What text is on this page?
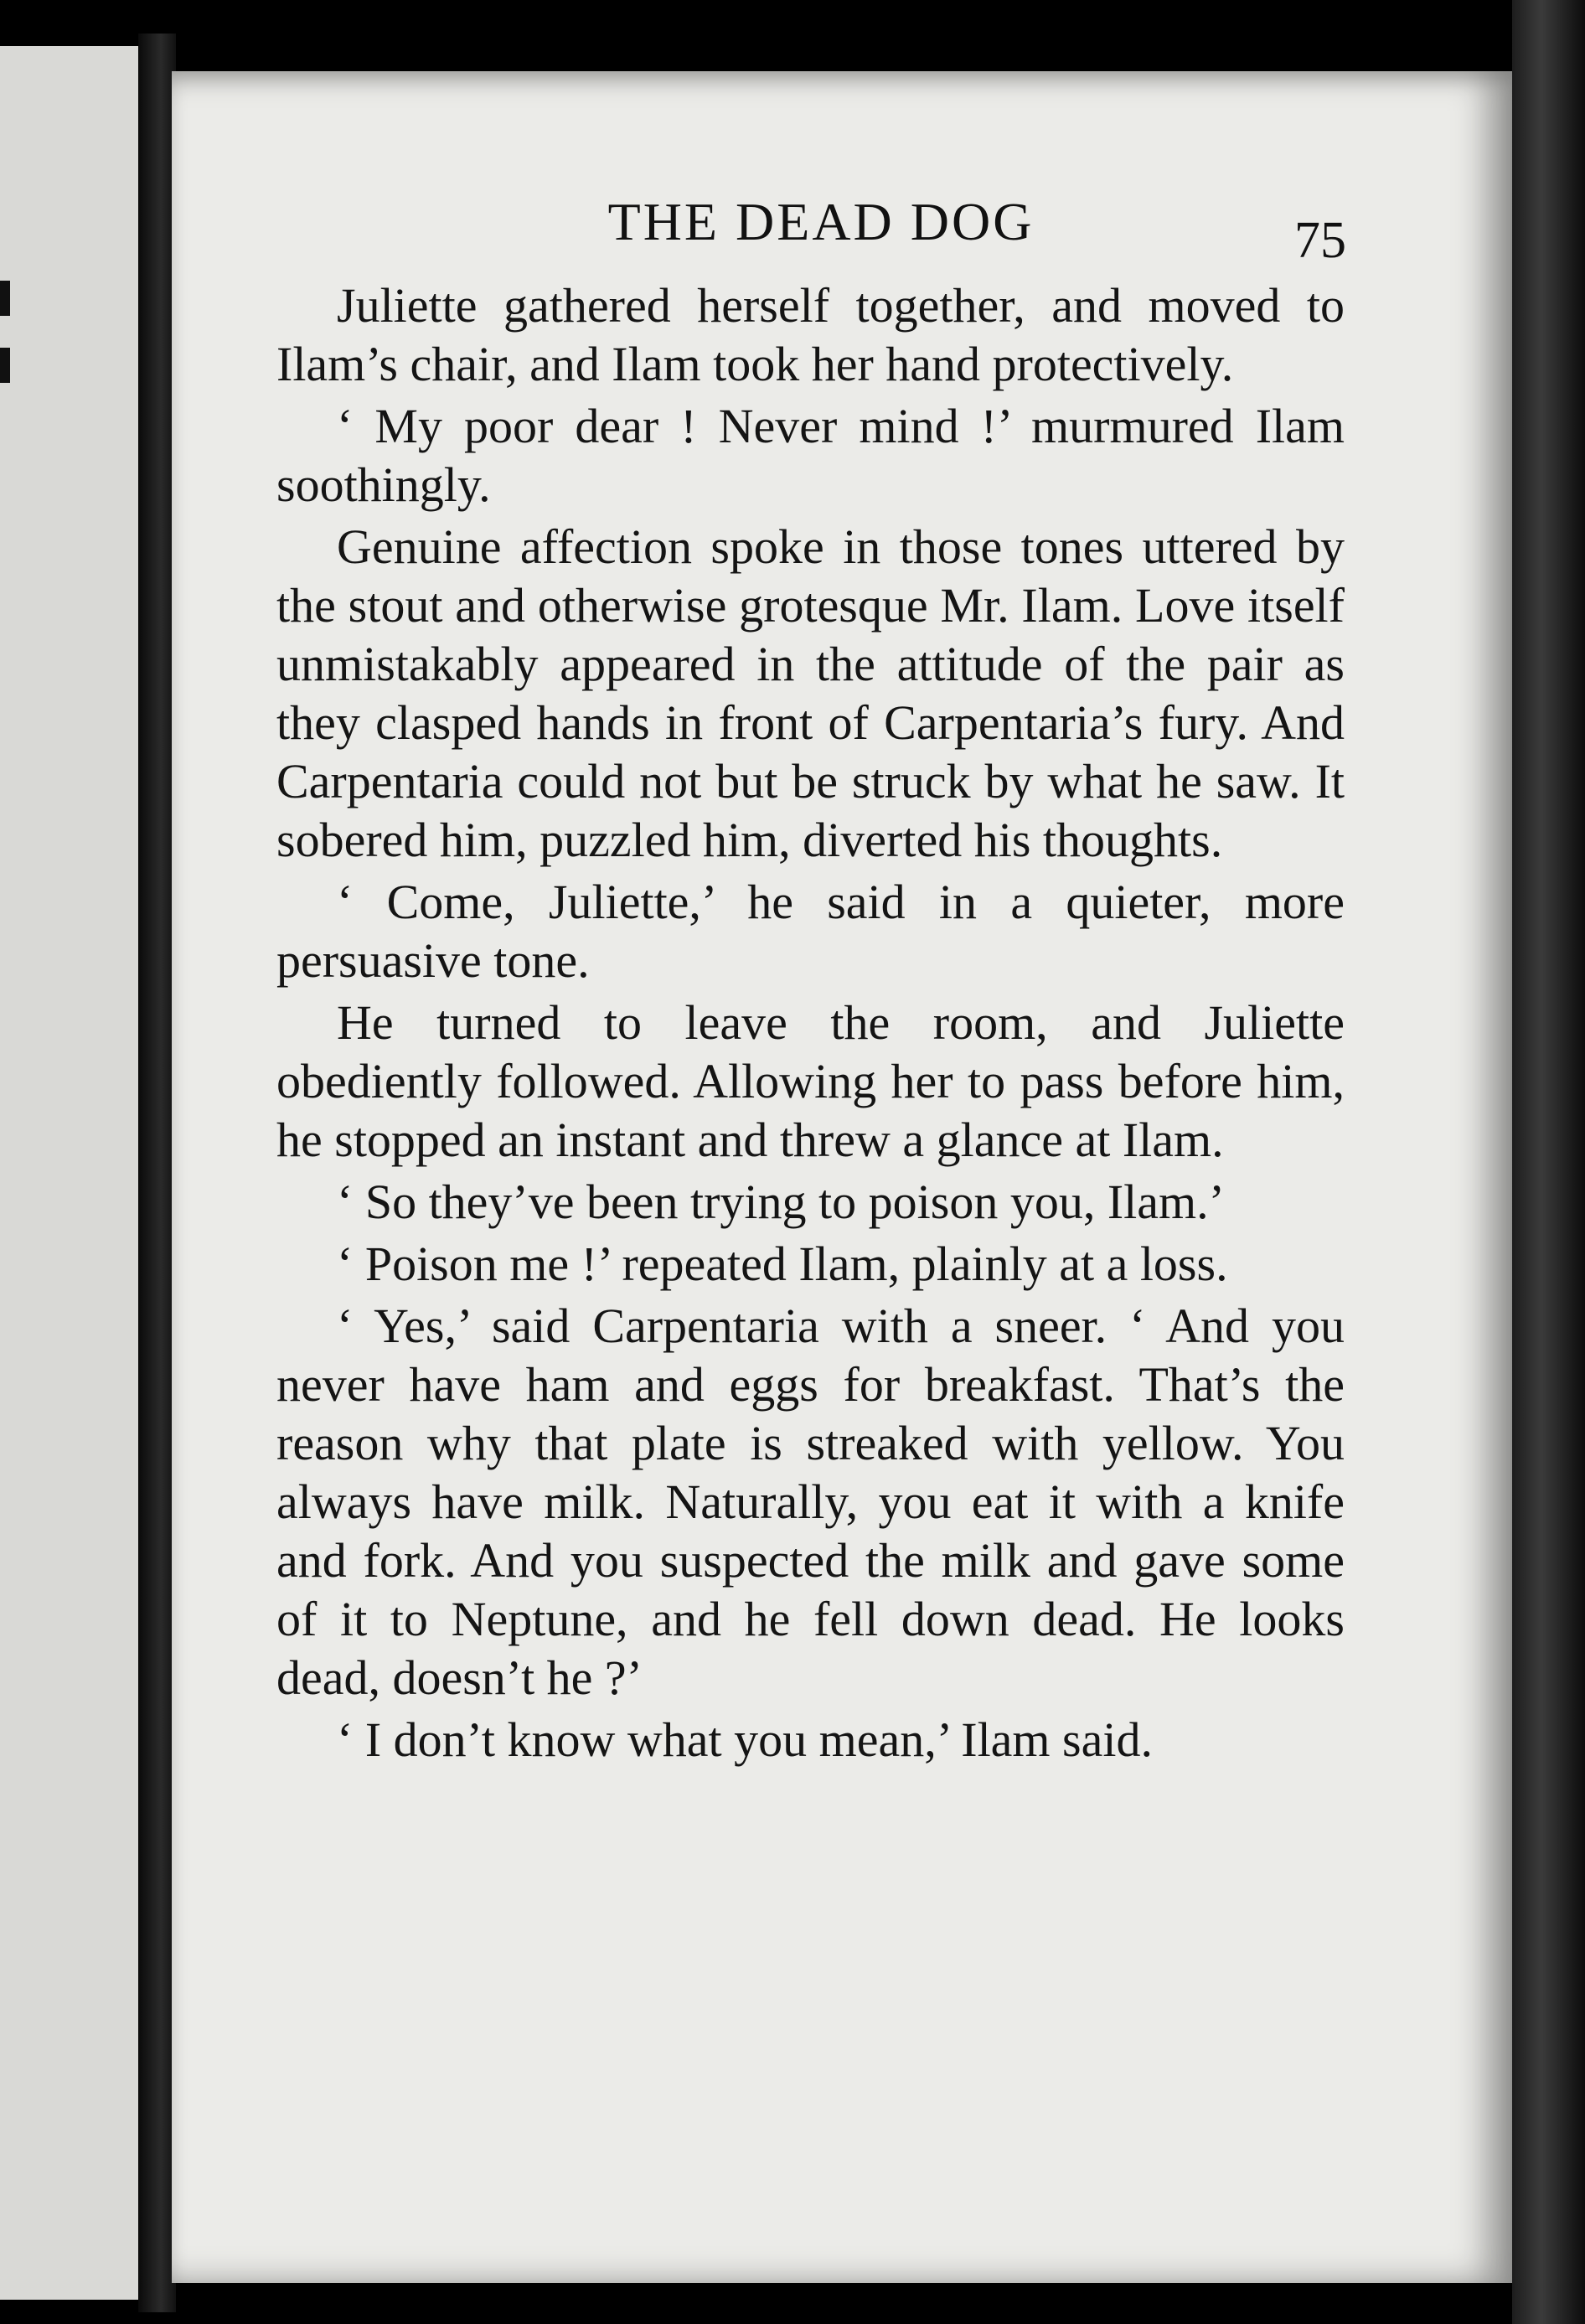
THE DEAD DOG	75

Juliette gathered herself together, and moved to Ilam’s chair, and Ilam took her hand protectively.

‘ My poor dear ! Never mind !’ murmured Ilam soothingly.

Genuine affection spoke in those tones uttered by the stout and otherwise grotesque Mr. Ilam. Love itself unmistakably appeared in the attitude of the pair as they clasped hands in front of Carpentaria’s fury. And Carpentaria could not but be struck by what he saw. It sobered him, puzzled him, diverted his thoughts.

‘ Come, Juliette,’ he said in a quieter, more persuasive tone.

He turned to leave the room, and Juliette obediently followed. Allowing her to pass before him, he stopped an instant and threw a glance at Ilam.

‘ So they’ve been trying to poison you, Ilam.’

‘ Poison me !’ repeated Ilam, plainly at a loss.

‘ Yes,’ said Carpentaria with a sneer. ‘ And you never have ham and eggs for breakfast. That’s the reason why that plate is streaked with yellow. You always have milk. Naturally, you eat it with a knife and fork. And you suspected the milk and gave some of it to Neptune, and he fell down dead. He looks dead, doesn’t he ?’

‘ I don’t know what you mean,’ Ilam said.
